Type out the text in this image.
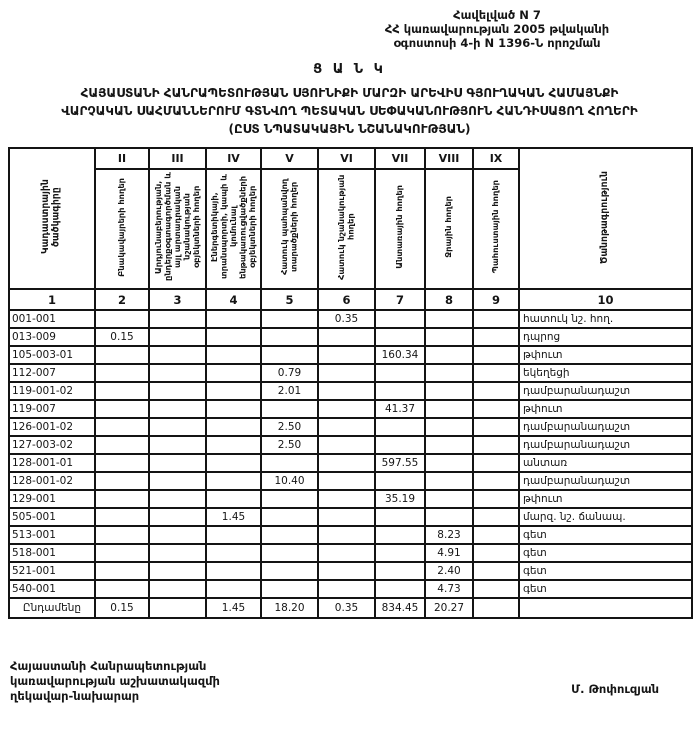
Հավելված N 7
ՀՀ կառավարության 2005 թվականի
օգոստոսի 4-ի N 1396-Ն որոշման
Ց Ա Ն Կ
ՀԱՅԱՍՏԱՆԻ ՀԱՆՐԱՊԵՏՈՒԹՅԱՆ ՍՅՈՒՆԻՔԻ ՄԱՐԶԻ ԱՐԵՎԻՍ ԳՅՈՒՂԱԿԱՆ ՀԱՄԱՅՆՔԻ
ՎԱՐՉԱԿԱՆ ՍԱՀՄԱՆՆԵՐՈՒՄ ԳՏՆՎՈՂ ՊԵՏԱԿԱՆ ՍԵՓԱԿԱՆՈՒԹՅՈՒՆ ՀԱՆԴԻՍԱՑՈՂ ՀՈՂԵՐԻ
(ԸՍՏ ՆՊԱՏԱԿԱՅԻՆ ՆՇԱՆԱԿՈՒԹՅԱՆ)
Կադաստրային ծածկագիրը	II	III	IV	V	VI	VII	VIII	IX	Ծանոթագրություն
	Բնակավայրերի հողեր	Արդյունաբերության, ընդերքօգտագործման և այլ արտադրական նշանակության օբյեկտների հողեր	Էներգետիկայի, տրանսպորտի, կապի և կոմունալ ենթակառուցվածքների օբյեկտների հողեր	Հատուկ պահպանվող տարածքների հողեր	Հատուկ նշանակության հողեր	Անտառային հողեր	Ջրային հողեր	Պահուստային հողեր	
1	2	3	4	5	6	7	8	9	10
001-001					0.35				հատուկ նշ. հող.
013-009	0.15								դպրոց
105-003-01						160.34			թփուտ
112-007				0.79					եկեղեցի
119-001-02				2.01					դամբարանադաշտ
119-007						41.37			թփուտ
126-001-02				2.50					դամբարանադաշտ
127-003-02				2.50					դամբարանադաշտ
128-001-01						597.55			անտառ
128-001-02				10.40					դամբարանադաշտ
129-001						35.19			թփուտ
505-001			1.45						մարզ. նշ. ճանապ.
513-001							8.23		գետ
518-001							4.91		գետ
521-001							2.40		գետ
540-001							4.73		գետ
Ընդամենը	0.15		1.45	18.20	0.35	834.45	20.27		
Հայաստանի Հանրապետության
կառավարության աշխատակազմի
ղեկավար-նախարար	Մ. Թոփուզյան
